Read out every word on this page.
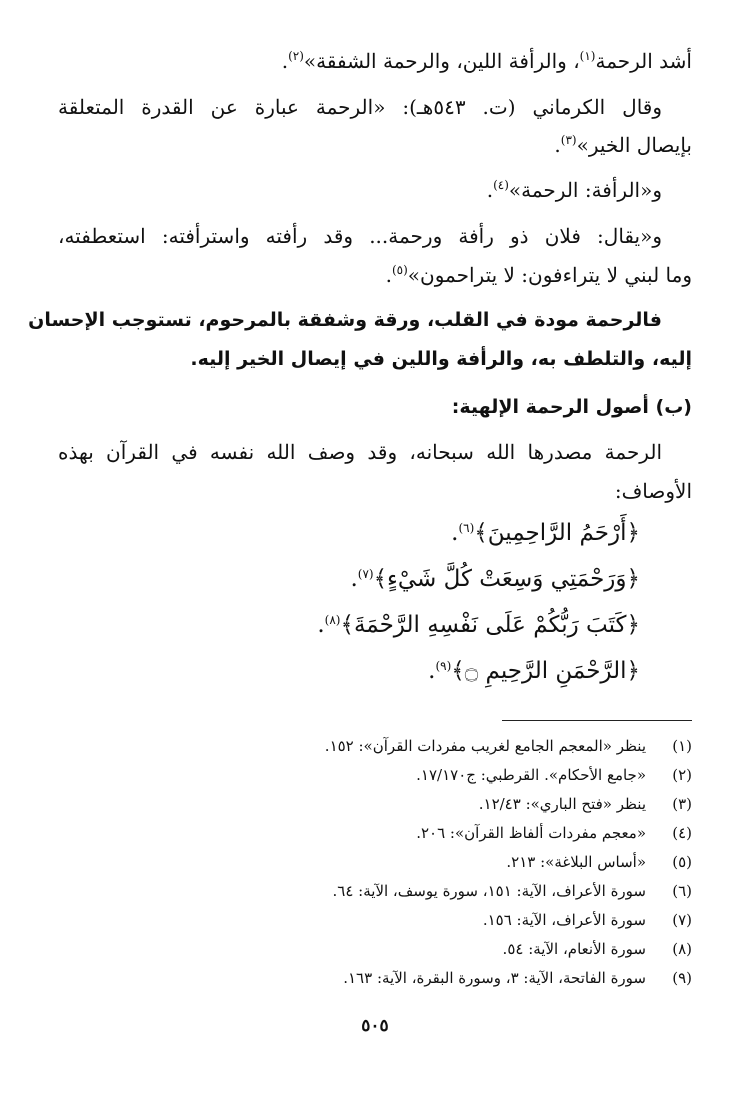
أشد الرحمة$^{(١)}$، والرأفة اللين، والرحمة الشفقة»$^{(٢)}$.
وقال الكرماني (ت. ٥٤٣هـ): «الرحمة عبارة عن القدرة المتعلقة
بإيصال الخير»$^{(٣)}$.
و«الرأفة: الرحمة»$^{(٤)}$.
و«يقال: فلان ذو رأفة ورحمة... وقد رأفته واسترأفته: استعطفته،
وما لبني لا يتراءفون: لا يتراحمون»$^{(٥)}$.
فالرحمة مودة في القلب، ورقة وشفقة بالمرحوم، تستوجب الإحسان
إليه، والتلطف به، والرأفة واللين في إيصال الخير إليه.
(ب) أصول الرحمة الإلهية:
الرحمة مصدرها الله سبحانه، وقد وصف الله نفسه في القرآن بهذه
الأوصاف:
﴿أَرْحَمُ الرَّاحِمِينَ﴾$^{(٦)}$.
﴿وَرَحْمَتِي وَسِعَتْ كُلَّ شَيْءٍ﴾$^{(٧)}$.
﴿كَتَبَ رَبُّكُمْ عَلَى نَفْسِهِ الرَّحْمَةَ﴾$^{(٨)}$.
﴿الرَّحْمَنِ الرَّحِيمِ ۝﴾$^{(٩)}$.
(١)
ينظر «المعجم الجامع لغريب مفردات القرآن»: ١٥٢.
(٢)
«جامع الأحكام». القرطبي: ج١٧/١٧٠.
(٣)
ينظر «فتح الباري»: ١٢/٤٣.
(٤)
«معجم مفردات ألفاظ القرآن»: ٢٠٦.
(٥)
«أساس البلاغة»: ٢١٣.
(٦)
سورة الأعراف، الآية: ١٥١، سورة يوسف، الآية: ٦٤.
(٧)
سورة الأعراف، الآية: ١٥٦.
(٨)
سورة الأنعام، الآية: ٥٤.
(٩)
سورة الفاتحة، الآية: ٣، وسورة البقرة، الآية: ١٦٣.
٥٠٥
